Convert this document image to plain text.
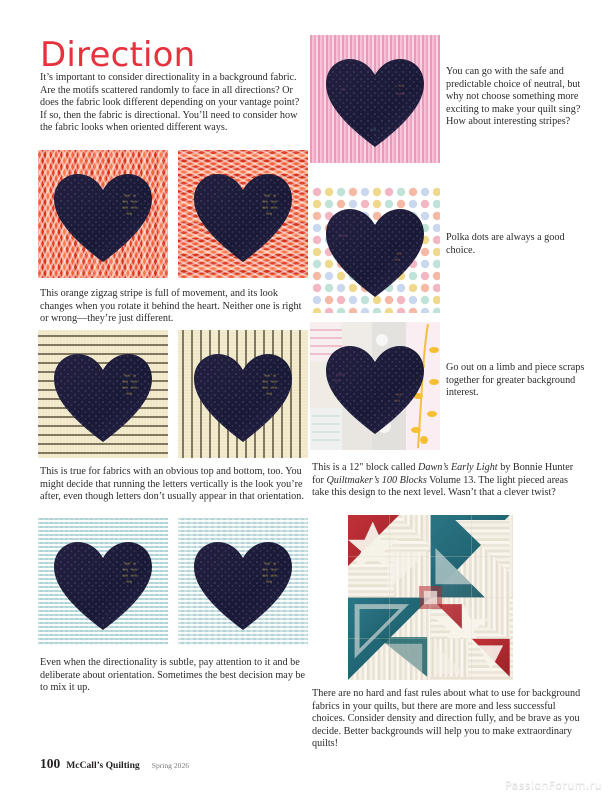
Direction
It’s important to consider directionality in a background fabric. Are the motifs scattered randomly to face in all directions? Or does the fabric look different depending on your vantage point? If so, then the fabric is directional. You’ll need to consider how the fabric looks when oriented different ways.
≈≈ ≈
≈≈ ≈≈
≈≈ ≈≈
≈≈
≈≈ ≈
≈≈ ≈≈
≈≈ ≈≈
≈≈
This orange zigzag stripe is full of movement, and its look changes when you rotate it behind the heart. Neither one is right or wrong—they’re just different.
≈≈ ≈
≈≈ ≈≈
≈≈ ≈≈
≈≈
≈≈ ≈
≈≈ ≈≈
≈≈ ≈≈
≈≈
This is true for fabrics with an obvious top and bottom, too. You might decide that running the letters vertically is the look you’re after, even though letters don’t usually appear in that orientation.
≈≈ ≈
≈≈ ≈≈
≈≈ ≈≈
≈≈
≈≈ ≈
≈≈ ≈≈
≈≈ ≈≈
≈≈
Even when the directionality is subtle, pay attention to it and be deliberate about orientation. Sometimes the best decision may be to mix it up.
≈≈
≈≈≈
≈≈
≈≈
You can go with the safe and predictable choice of neutral, but why not choose something more exciting to make your quilt sing? How about interesting stripes?
≈≈≈
≈≈
≈≈
Polka dots are always a good choice.
≈≈≈
≈≈
≈≈
≈≈
Go out on a limb and piece scraps together for greater background interest.
This is a 12" block called Dawn’s Early Light by Bonnie Hunter for Quiltmaker’s 100 Blocks Volume 13. The light pieced areas take this design to the next level. Wasn’t that a clever twist?
There are no hard and fast rules about what to use for background fabrics in your quilts, but there are more and less successful choices. Consider density and direction fully, and be brave as you decide. Better backgrounds will help you to make extraordinary quilts!
100 McCall’s Quilting Spring 2026
PassionForum.ru
